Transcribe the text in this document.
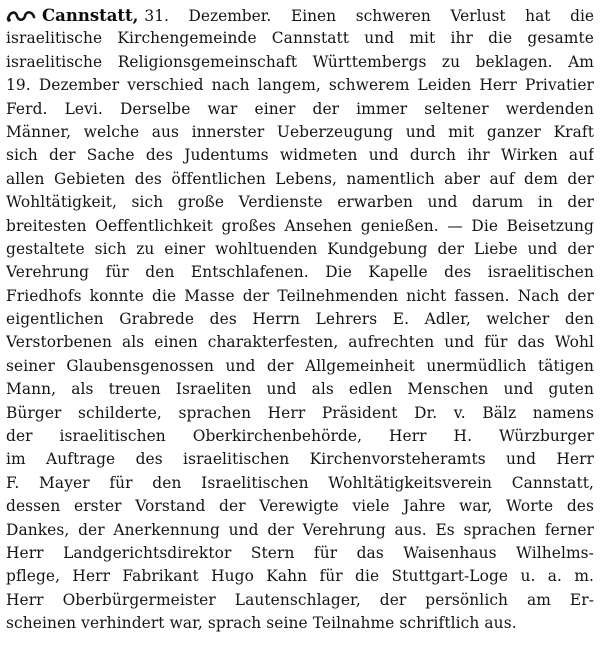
Cannstatt, 31. Dezember. Einen schweren Verlust hat die
israelitische Kirchengemeinde Cannstatt und mit ihr die gesamte
israelitische Religionsgemeinschaft Württembergs zu beklagen. Am
19. Dezember verschied nach langem, schwerem Leiden Herr Privatier
Ferd. Levi. Derselbe war einer der immer seltener werdenden
Männer, welche aus innerster Ueberzeugung und mit ganzer Kraft
sich der Sache des Judentums widmeten und durch ihr Wirken auf
allen Gebieten des öffentlichen Lebens, namentlich aber auf dem der
Wohltätigkeit, sich große Verdienste erwarben und darum in der
breitesten Oeffentlichkeit großes Ansehen genießen. — Die Beisetzung
gestaltete sich zu einer wohltuenden Kundgebung der Liebe und der
Verehrung für den Entschlafenen. Die Kapelle des israelitischen
Friedhofs konnte die Masse der Teilnehmenden nicht fassen. Nach der
eigentlichen Grabrede des Herrn Lehrers E. Adler, welcher den
Verstorbenen als einen charakterfesten, aufrechten und für das Wohl
seiner Glaubensgenossen und der Allgemeinheit unermüdlich tätigen
Mann, als treuen Israeliten und als edlen Menschen und guten
Bürger schilderte, sprachen Herr Präsident Dr. v. Bälz namens
der israelitischen Oberkirchenbehörde, Herr H. Würzburger
im Auftrage des israelitischen Kirchenvorsteheramts und Herr
F. Mayer für den Israelitischen Wohltätigkeitsverein Cannstatt,
dessen erster Vorstand der Verewigte viele Jahre war, Worte des
Dankes, der Anerkennung und der Verehrung aus. Es sprachen ferner
Herr Landgerichtsdirektor Stern für das Waisenhaus Wilhelms-
pflege, Herr Fabrikant Hugo Kahn für die Stuttgart-Loge u. a. m.
Herr Oberbürgermeister Lautenschlager, der persönlich am Er-
scheinen verhindert war, sprach seine Teilnahme schriftlich aus.
